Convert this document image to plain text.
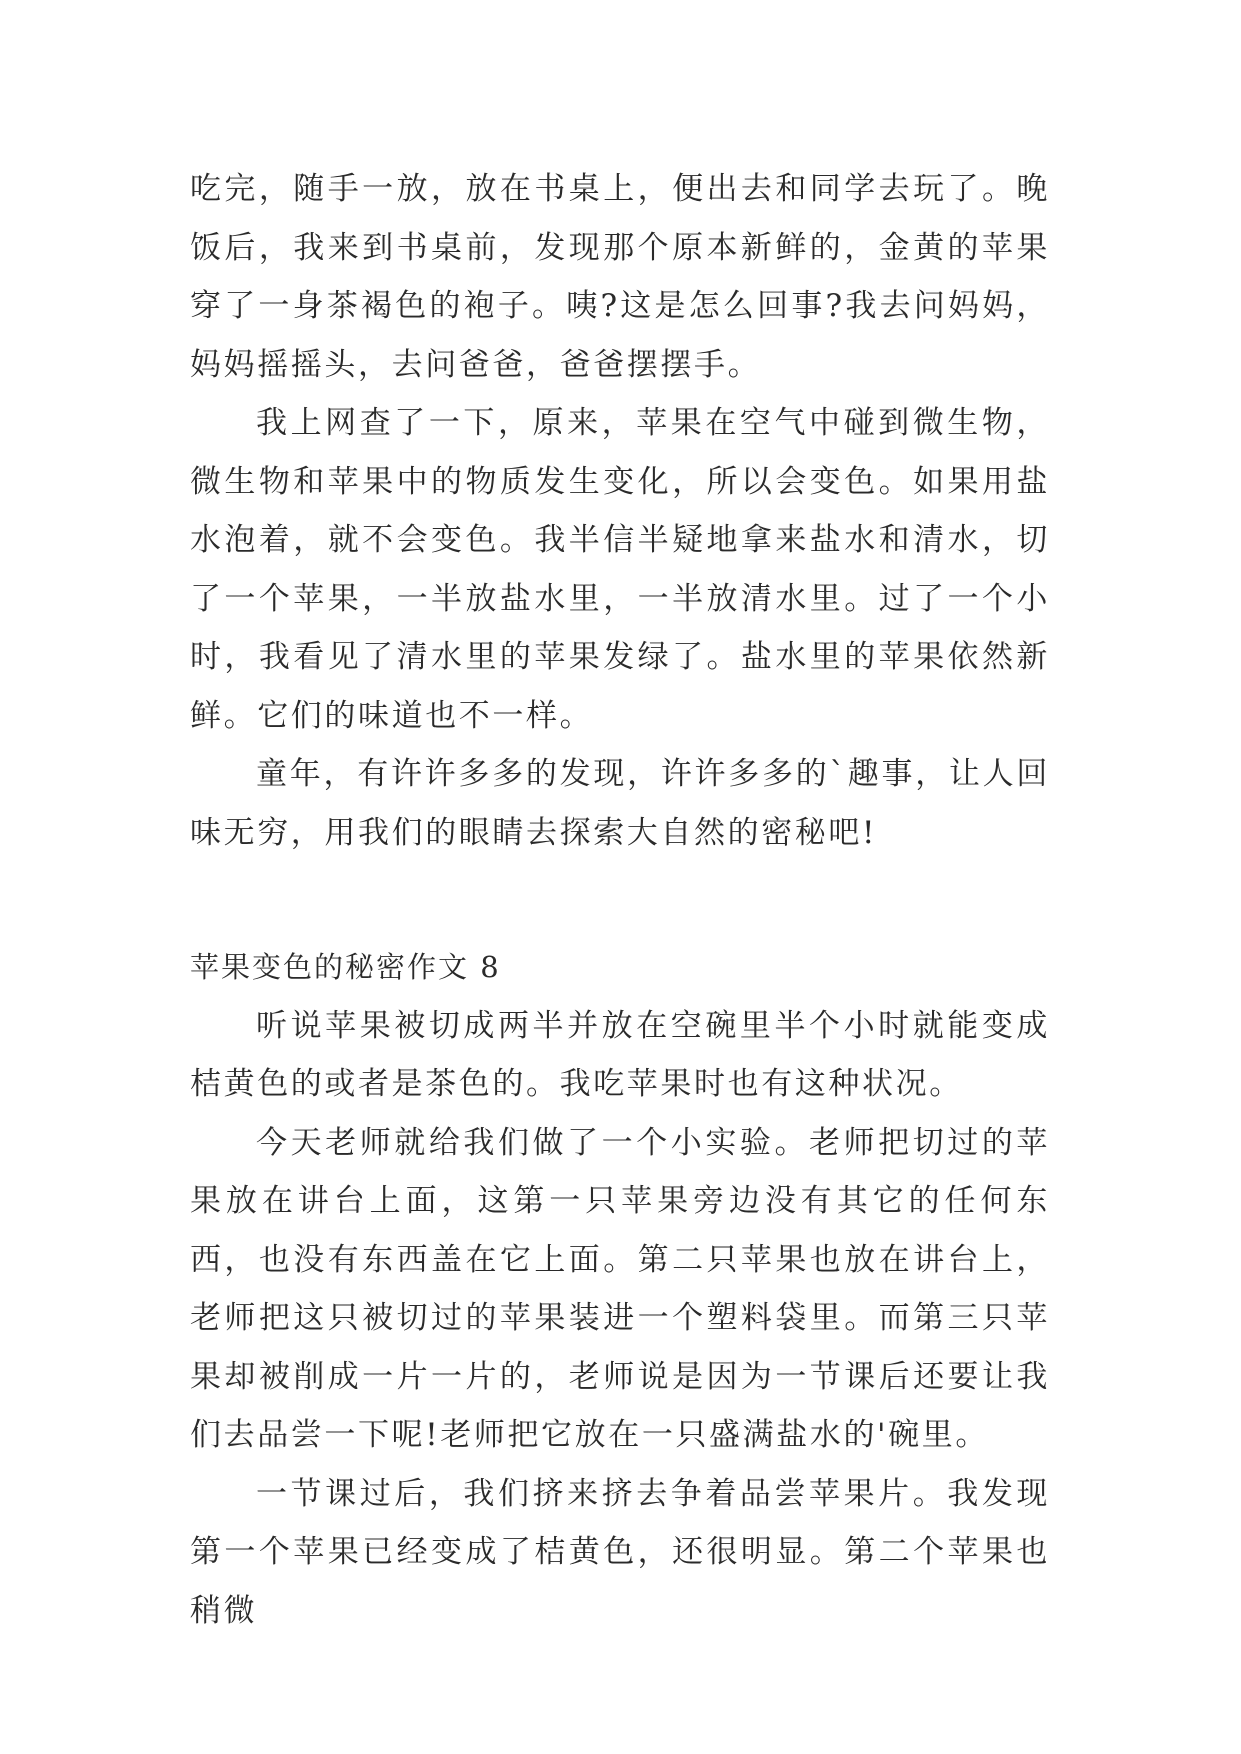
吃完，随手一放，放在书桌上，便出去和同学去玩了。晚饭后，我来到书桌前，发现那个原本新鲜的，金黄的苹果穿了一身茶褐色的袍子。咦?这是怎么回事?我去问妈妈，妈妈摇摇头，去问爸爸，爸爸摆摆手。

我上网查了一下，原来，苹果在空气中碰到微生物，微生物和苹果中的物质发生变化，所以会变色。如果用盐水泡着，就不会变色。我半信半疑地拿来盐水和清水，切了一个苹果，一半放盐水里，一半放清水里。过了一个小时，我看见了清水里的苹果发绿了。盐水里的苹果依然新鲜。它们的味道也不一样。

童年，有许许多多的发现，许许多多的`趣事，让人回味无穷，用我们的眼睛去探索大自然的密秘吧!

苹果变色的秘密作文 8

听说苹果被切成两半并放在空碗里半个小时就能变成桔黄色的或者是茶色的。我吃苹果时也有这种状况。

今天老师就给我们做了一个小实验。老师把切过的苹果放在讲台上面，这第一只苹果旁边没有其它的任何东西，也没有东西盖在它上面。第二只苹果也放在讲台上，老师把这只被切过的苹果装进一个塑料袋里。而第三只苹果却被削成一片一片的，老师说是因为一节课后还要让我们去品尝一下呢!老师把它放在一只盛满盐水的'碗里。

一节课过后，我们挤来挤去争着品尝苹果片。我发现第一个苹果已经变成了桔黄色，还很明显。第二个苹果也稍微
